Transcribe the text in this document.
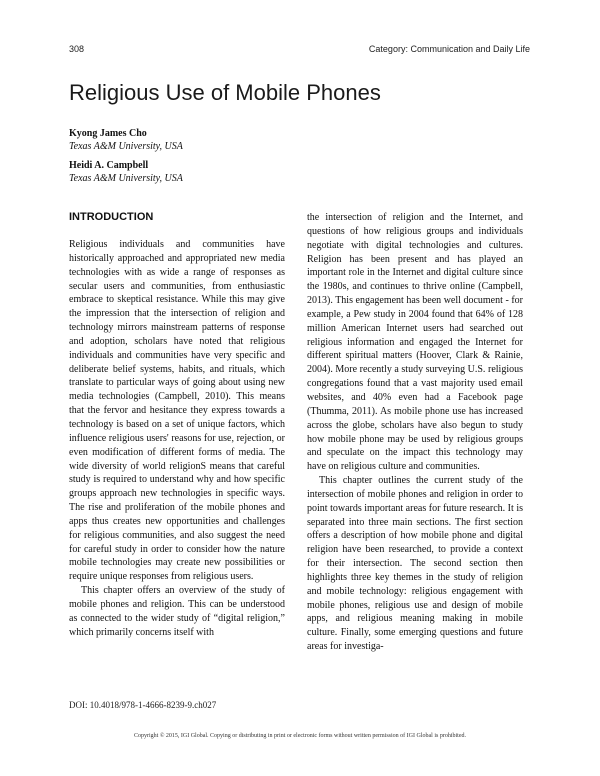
308	Category: Communication and Daily Life
Religious Use of Mobile Phones
Kyong James Cho
Texas A&M University, USA
Heidi A. Campbell
Texas A&M University, USA
INTRODUCTION

Religious individuals and communities have historically approached and appropriated new media technologies with as wide a range of responses as secular users and communities, from enthusiastic embrace to skeptical resistance. While this may give the impression that the intersection of religion and technology mirrors mainstream patterns of response and adoption, scholars have noted that religious individuals and communities have very specific and deliberate belief systems, habits, and rituals, which translate to particular ways of going about using new media technologies (Campbell, 2010). This means that the fervor and hesitance they express towards a technology is based on a set of unique factors, which influence religious users' reasons for use, rejection, or even modification of different forms of media. The wide diversity of world religionS means that careful study is required to understand why and how specific groups approach new technologies in specific ways. The rise and proliferation of the mobile phones and apps thus creates new opportunities and challenges for religious communities, and also suggest the need for careful study in order to consider how the nature mobile technologies may create new possibilities or require unique responses from religious users.

This chapter offers an overview of the study of mobile phones and religion. This can be understood as connected to the wider study of “digital religion,” which primarily concerns itself with

the intersection of religion and the Internet, and questions of how religious groups and individuals negotiate with digital technologies and cultures. Religion has been present and has played an important role in the Internet and digital culture since the 1980s, and continues to thrive online (Campbell, 2013). This engagement has been well document - for example, a Pew study in 2004 found that 64% of 128 million American Internet users had searched out religious information and engaged the Internet for different spiritual matters (Hoover, Clark & Rainie, 2004). More recently a study surveying U.S. religious congregations found that a vast majority used email websites, and 40% even had a Facebook page (Thumma, 2011). As mobile phone use has increased across the globe, scholars have also begun to study how mobile phone may be used by religious groups and speculate on the impact this technology may have on religious culture and communities.

This chapter outlines the current study of the intersection of mobile phones and religion in order to point towards important areas for future research. It is separated into three main sections. The first section offers a description of how mobile phone and digital religion have been researched, to provide a context for their intersection. The second section then highlights three key themes in the study of religion and mobile technology: religious engagement with mobile phones, religious use and design of mobile apps, and religious meaning making in mobile culture. Finally, some emerging questions and future areas for investiga-

DOI: 10.4018/978-1-4666-8239-9.ch027
Copyright © 2015, IGI Global. Copying or distributing in print or electronic forms without written permission of IGI Global is prohibited.
